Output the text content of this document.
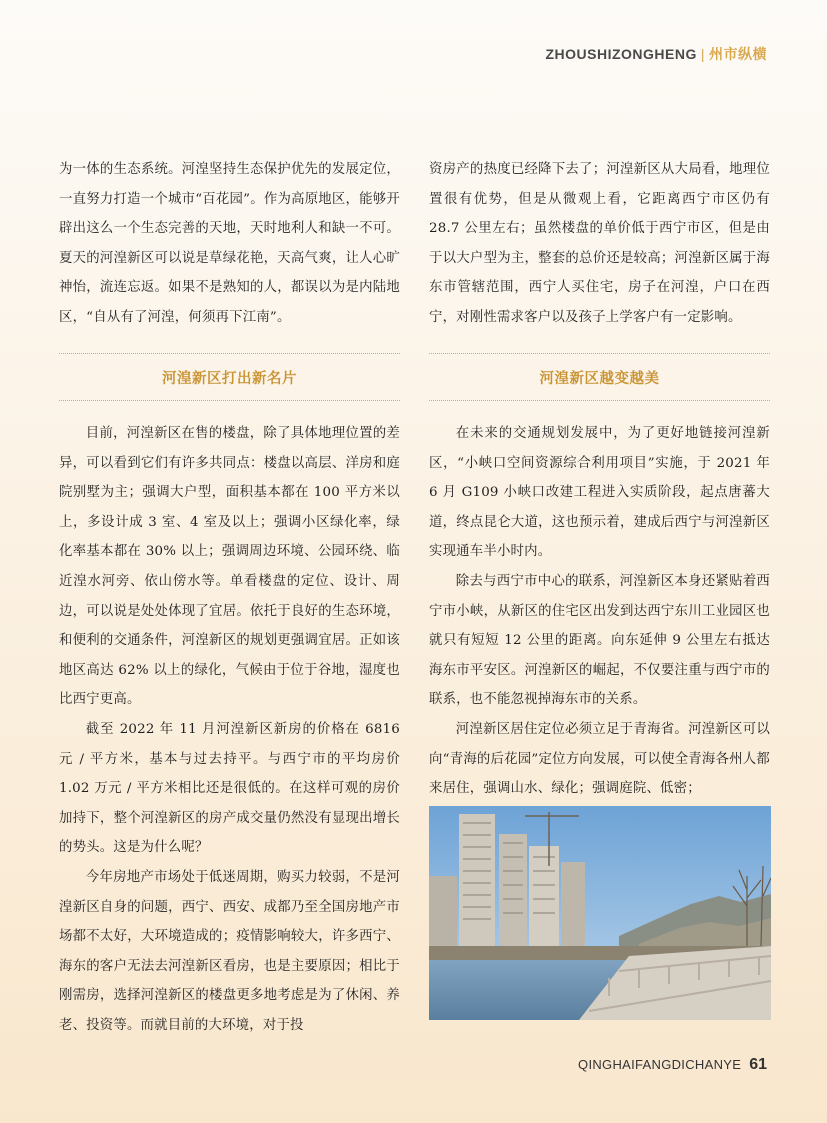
ZHOUSHIZONGHENG | 州市纵横

为一体的生态系统。河湟坚持生态保护优先的发展定位，一直努力打造一个城市“百花园”。作为高原地区，能够开辟出这么一个生态完善的天地，天时地利人和缺一不可。夏天的河湟新区可以说是草绿花艳，天高气爽，让人心旷神怡，流连忘返。如果不是熟知的人，都误以为是内陆地区，“自从有了河湟，何须再下江南”。

河湟新区打出新名片

目前，河湟新区在售的楼盘，除了具体地理位置的差异，可以看到它们有许多共同点：楼盘以高层、洋房和庭院别墅为主；强调大户型，面积基本都在 100 平方米以上，多设计成 3 室、4 室及以上；强调小区绿化率，绿化率基本都在 30% 以上；强调周边环境、公园环绕、临近湟水河旁、依山傍水等。单看楼盘的定位、设计、周边，可以说是处处体现了宜居。依托于良好的生态环境，和便利的交通条件，河湟新区的规划更强调宜居。正如该地区高达 62% 以上的绿化，气候由于位于谷地，湿度也比西宁更高。

截至 2022 年 11 月河湟新区新房的价格在 6816 元 / 平方米，基本与过去持平。与西宁市的平均房价 1.02 万元 / 平方米相比还是很低的。在这样可观的房价加持下，整个河湟新区的房产成交量仍然没有显现出增长的势头。这是为什么呢？

今年房地产市场处于低迷周期，购买力较弱，不是河湟新区自身的问题，西宁、西安、成都乃至全国房地产市场都不太好，大环境造成的；疫情影响较大，许多西宁、海东的客户无法去河湟新区看房，也是主要原因；相比于刚需房，选择河湟新区的楼盘更多地考虑是为了休闲、养老、投资等。而就目前的大环境，对于投

资房产的热度已经降下去了；河湟新区从大局看，地理位置很有优势，但是从微观上看，它距离西宁市区仍有 28.7 公里左右；虽然楼盘的单价低于西宁市区，但是由于以大户型为主，整套的总价还是较高；河湟新区属于海东市管辖范围，西宁人买住宅，房子在河湟，户口在西宁，对刚性需求客户以及孩子上学客户有一定影响。

河湟新区越变越美

在未来的交通规划发展中，为了更好地链接河湟新区，“小峡口空间资源综合利用项目”实施，于 2021 年 6 月 G109 小峡口改建工程进入实质阶段，起点唐蕃大道，终点昆仑大道，这也预示着，建成后西宁与河湟新区实现通车半小时内。

除去与西宁市中心的联系，河湟新区本身还紧贴着西宁市小峡，从新区的住宅区出发到达西宁东川工业园区也就只有短短 12 公里的距离。向东延伸 9 公里左右抵达海东市平安区。河湟新区的崛起，不仅要注重与西宁市的联系，也不能忽视掉海东市的关系。

河湟新区居住定位必须立足于青海省。河湟新区可以向“青海的后花园”定位方向发展，可以使全青海各州人都来居住，强调山水、绿化；强调庭院、低密；

QINGHAIFANGDICHANYE 61
